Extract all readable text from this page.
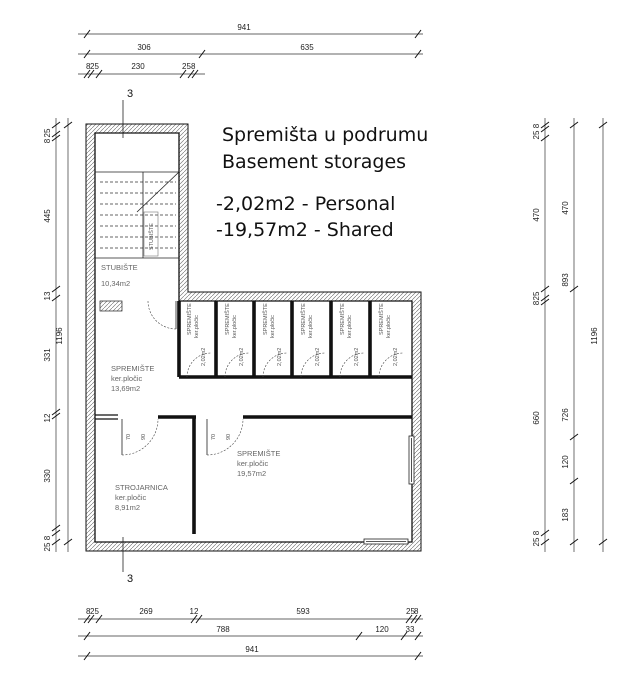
Spremišta u podrumu
Basement storages
-2,02m2 - Personal
-19,57m2 - Shared
941
306	635
8 25	230	25 8
1196
25
8
445
13
331
12
330
8
25
8
25
470
25
8
660
8
25
470
893
726
120
183
1196
8 25	269	12	593	25 8
788	120 33
941
STUBIŠTE
STUBIŠTE
10,34m2
3
3
SPREMIŠTE ker.pločic
2,02m2
SPREMIŠTE ker.pločic
2,02m2
SPREMIŠTE ker.pločic
2,02m2
SPREMIŠTE ker.pločic
2,02m2
SPREMIŠTE ker.pločic
2,02m2
SPREMIŠTE ker.pločic
2,02m2
SPREMIŠTE
ker.pločic
13,69m2
70 90	70 90
STROJARNICA
ker.pločic
8,91m2
SPREMIŠTE
ker.pločic
19,57m2
